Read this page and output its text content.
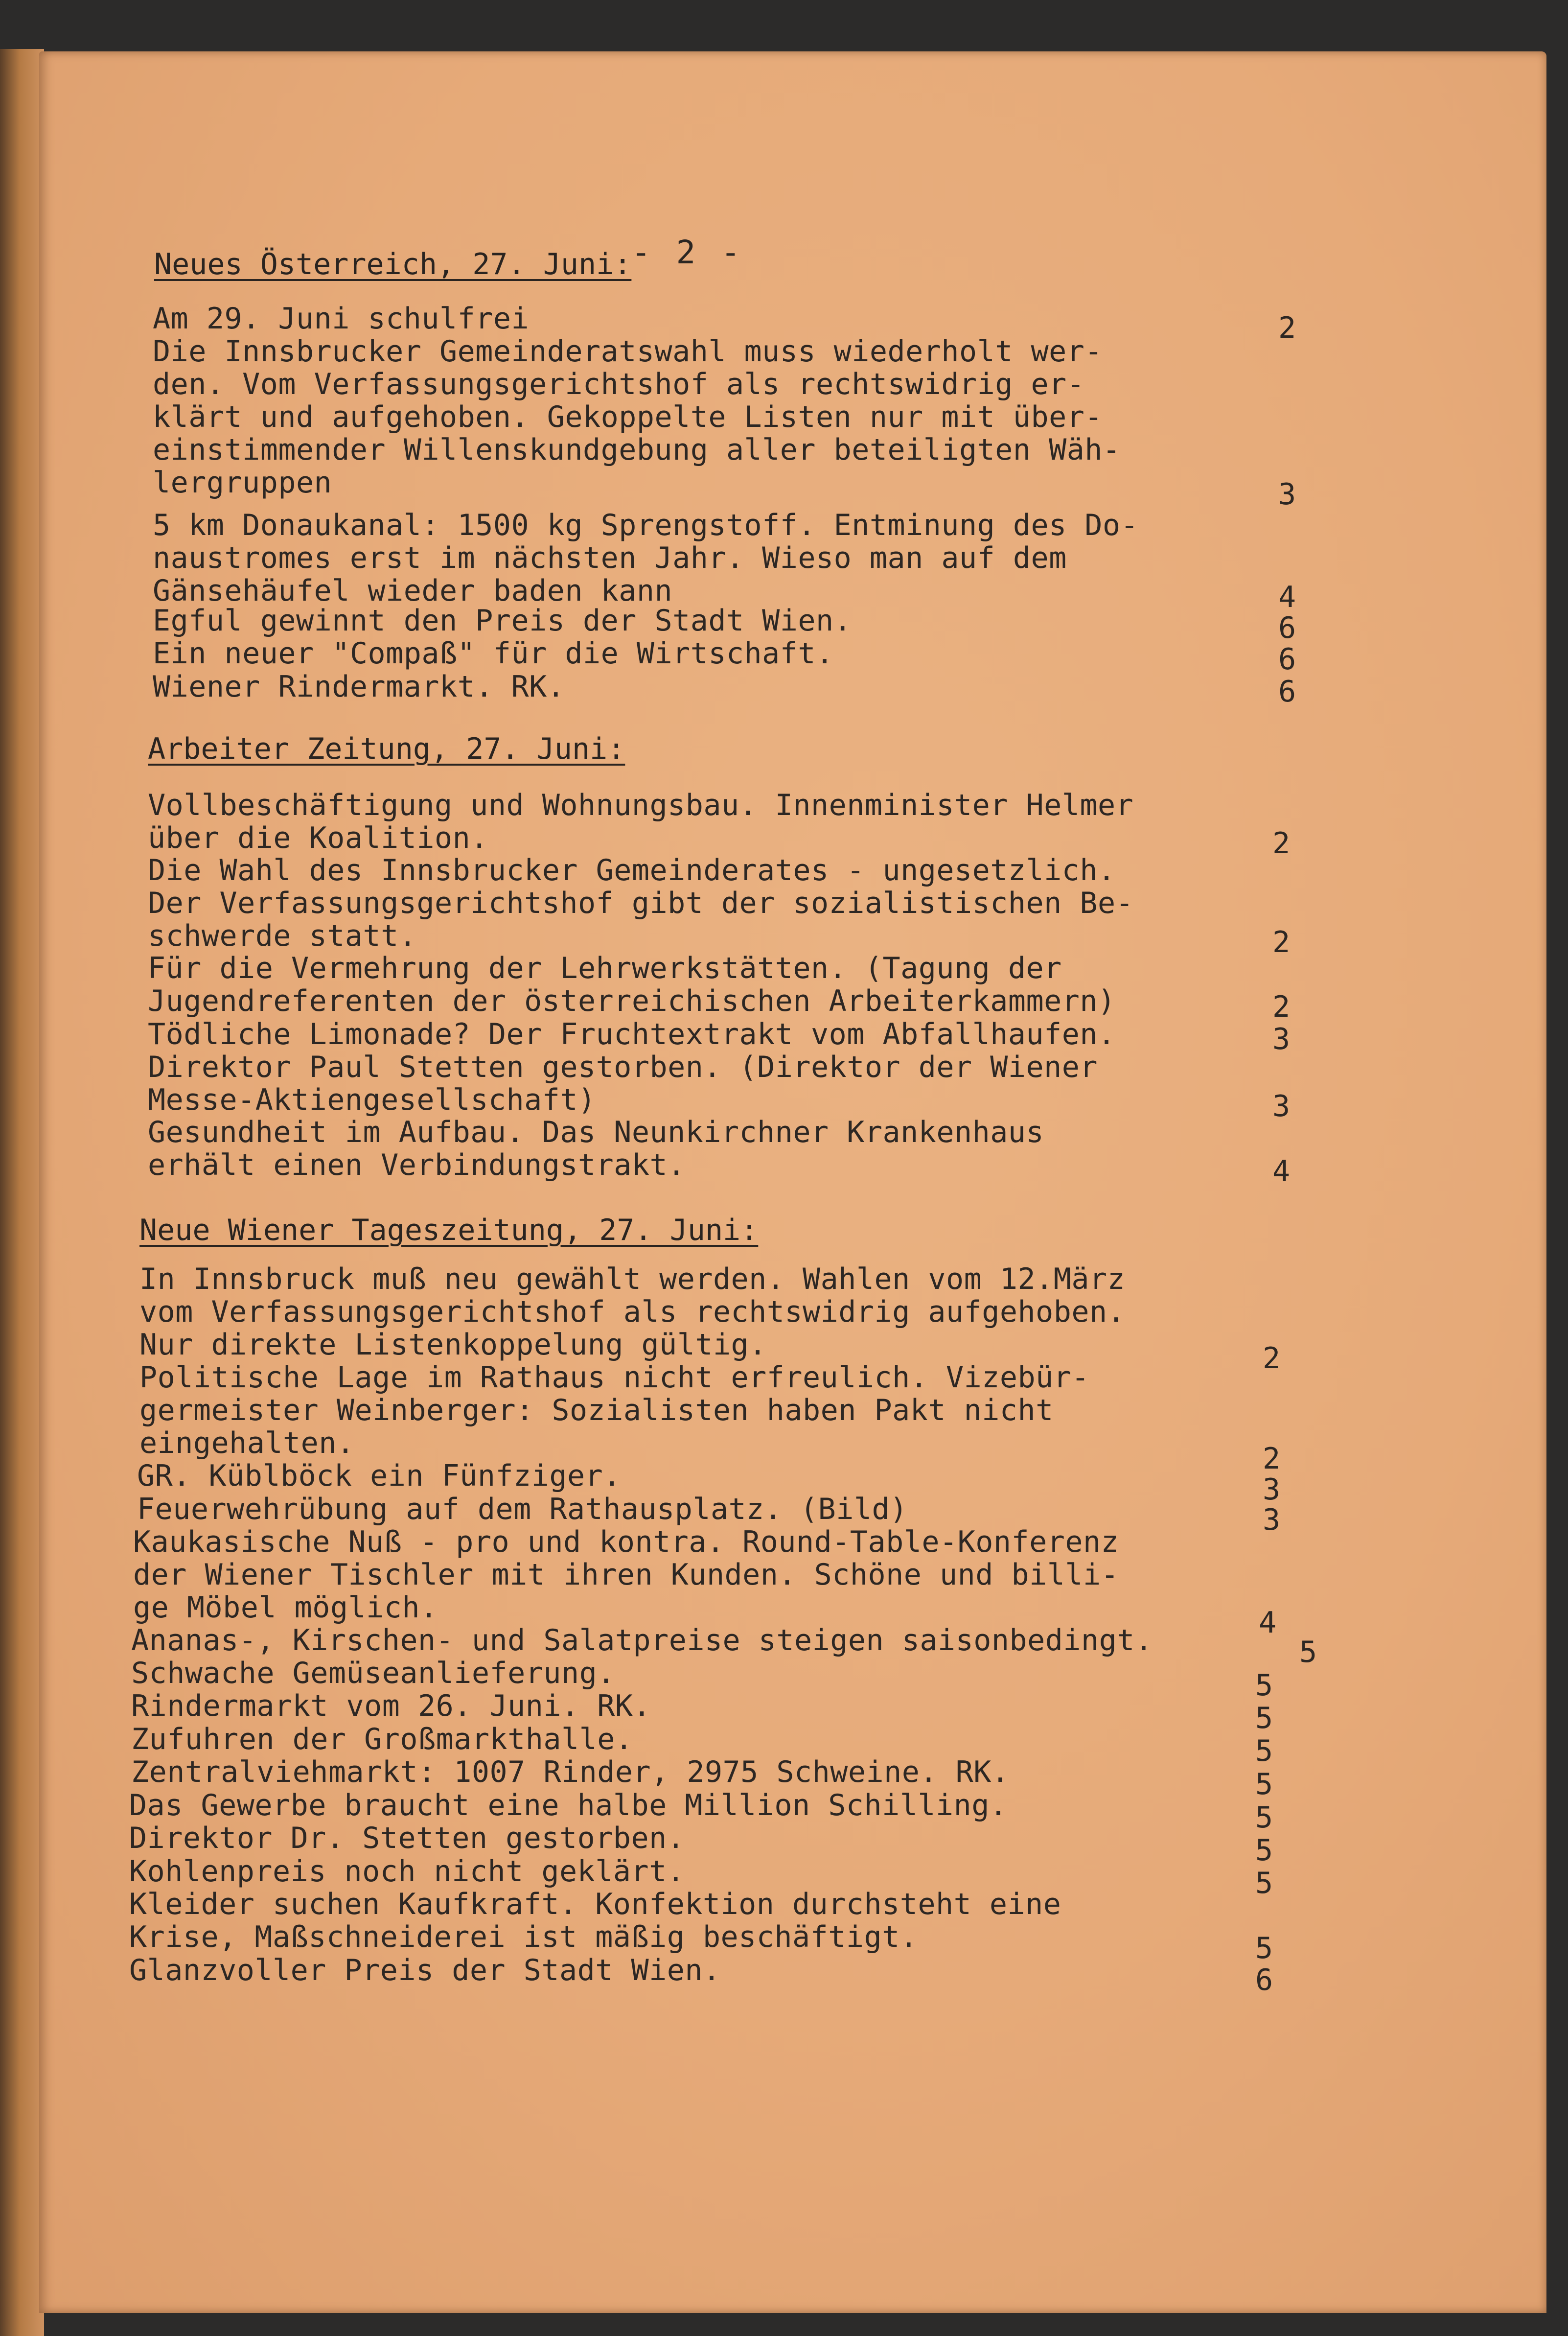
- 2 -
Neues Österreich, 27. Juni:
Am 29. Juni schulfrei	2
Die Innsbrucker Gemeinderatswahl muss wiederholt wer-
den. Vom Verfassungsgerichtshof als rechtswidrig er-
klärt und aufgehoben. Gekoppelte Listen nur mit über-
einstimmender Willenskundgebung aller beteiligten Wäh-
lergruppen	3
5 km Donaukanal: 1500 kg Sprengstoff. Entminung des Do-
naustromes erst im nächsten Jahr. Wieso man auf dem
Gänsehäufel wieder baden kann	4
Egful gewinnt den Preis der Stadt Wien.	6
Ein neuer "Compaß" für die Wirtschaft.	6
Wiener Rindermarkt. RK.	6
Arbeiter Zeitung, 27. Juni:
Vollbeschäftigung und Wohnungsbau. Innenminister Helmer
über die Koalition.	2
Die Wahl des Innsbrucker Gemeinderates - ungesetzlich.
Der Verfassungsgerichtshof gibt der sozialistischen Be-
schwerde statt.	2
Für die Vermehrung der Lehrwerkstätten. (Tagung der
Jugendreferenten der österreichischen Arbeiterkammern)	2
Tödliche Limonade? Der Fruchtextrakt vom Abfallhaufen.	3
Direktor Paul Stetten gestorben. (Direktor der Wiener
Messe-Aktiengesellschaft)	3
Gesundheit im Aufbau. Das Neunkirchner Krankenhaus
erhält einen Verbindungstrakt.	4
Neue Wiener Tageszeitung, 27. Juni:
In Innsbruck muß neu gewählt werden. Wahlen vom 12.März
vom Verfassungsgerichtshof als rechtswidrig aufgehoben.
Nur direkte Listenkoppelung gültig.	2
Politische Lage im Rathaus nicht erfreulich. Vizebür-
germeister Weinberger: Sozialisten haben Pakt nicht
eingehalten.	2
GR. Küblböck ein Fünfziger.	3
Feuerwehrübung auf dem Rathausplatz. (Bild)	3
Kaukasische Nuß - pro und kontra. Round-Table-Konferenz
der Wiener Tischler mit ihren Kunden. Schöne und billi-
ge Möbel möglich.	4
Ananas-, Kirschen- und Salatpreise steigen saisonbedingt.	5
Schwache Gemüseanlieferung.	5
Rindermarkt vom 26. Juni. RK.	5
Zufuhren der Großmarkthalle.	5
Zentralviehmarkt: 1007 Rinder, 2975 Schweine. RK.	5
Das Gewerbe braucht eine halbe Million Schilling.	5
Direktor Dr. Stetten gestorben.	5
Kohlenpreis noch nicht geklärt.	5
Kleider suchen Kaufkraft. Konfektion durchsteht eine
Krise, Maßschneiderei ist mäßig beschäftigt.	5
Glanzvoller Preis der Stadt Wien.	6
